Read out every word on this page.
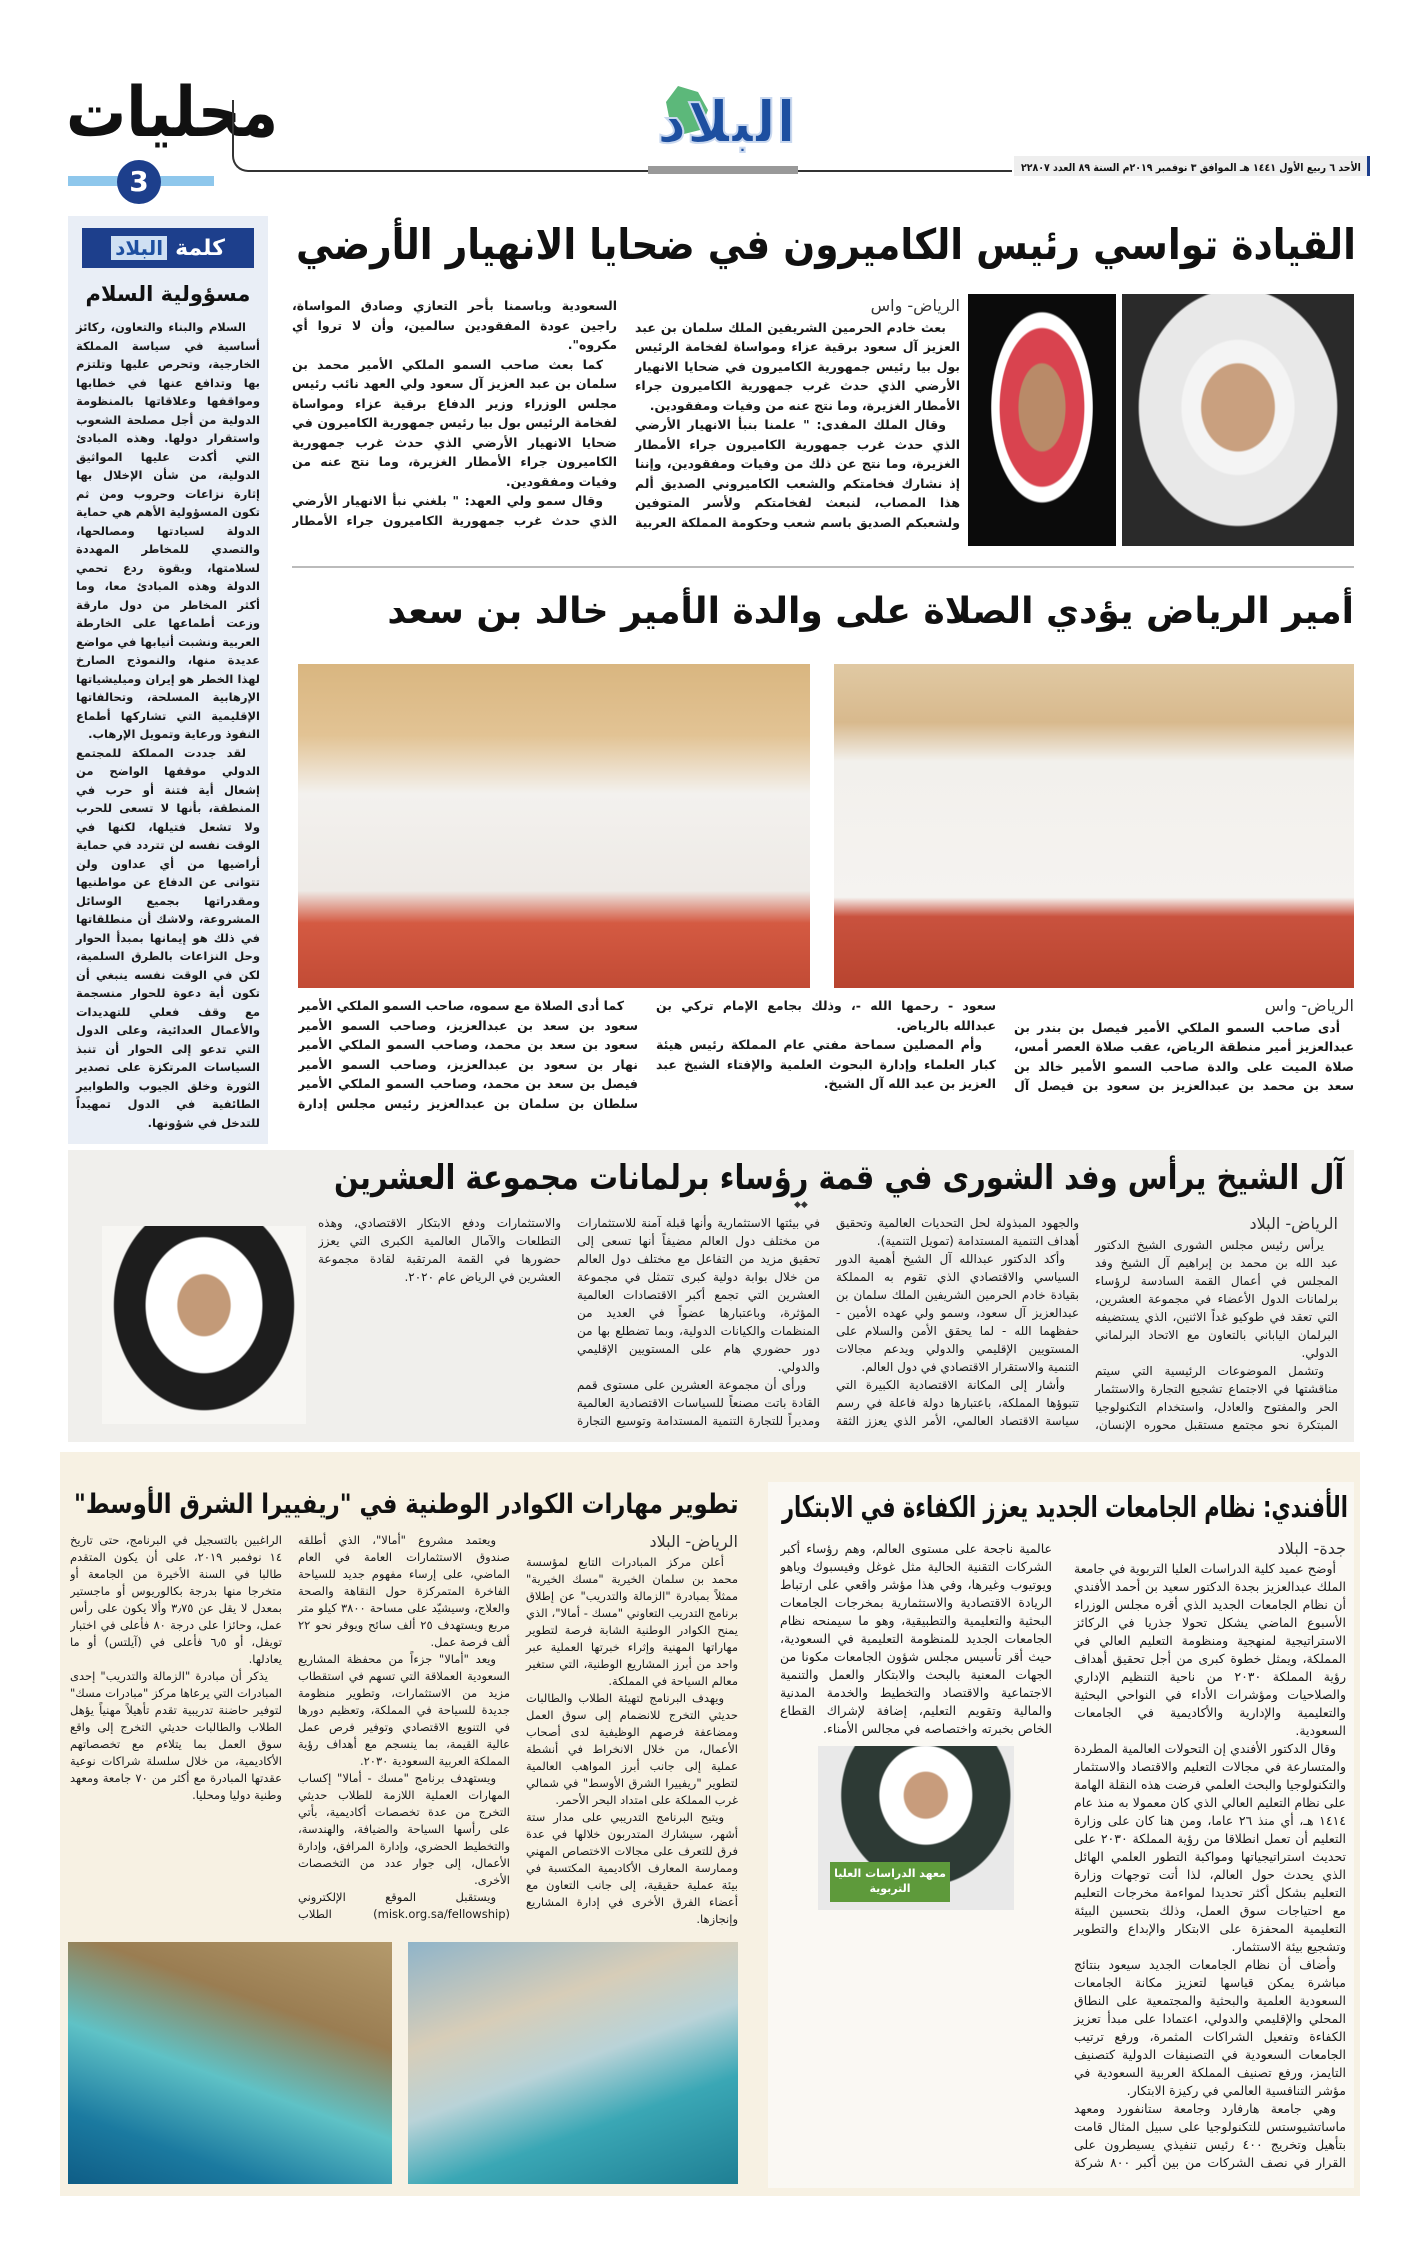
محليات
3
البلاد
الأحد ٦ ربيع الأول ١٤٤١ هـ الموافق ٣ نوفمبر ٢٠١٩م السنة ٨٩ العدد ٢٢٨٠٧
كلمة
البلاد
مسؤولية السلام

السلام والبناء والتعاون، ركائز أساسية في سياسة المملكة الخارجية، وتحرص عليها وتلتزم بها وتدافع عنها في خطابها ومواقفها وعلاقاتها بالمنظومة الدولية من أجل مصلحة الشعوب واستقرار دولها. وهذه المبادئ التي أكدت عليها المواثيق الدولية، من شأن الإخلال بها إثارة نزاعات وحروب ومن ثم تكون المسؤولية الأهم هي حماية الدولة لسيادتها ومصالحها، والتصدي للمخاطر المهددة لسلامتها، وبقوة ردع تحمي الدولة وهذه المبادئ معا، وما أكثر المخاطر من دول مارقة وزعت أطماعها على الخارطة العربية ونشبت أنيابها في مواضع عديدة منها، والنموذج الصارخ لهذا الخطر هو إيران وميليشياتها الإرهابية المسلحة، وتحالفاتها الإقليمية التي تشاركها أطماع النفوذ ورعاية وتمويل الإرهاب.

لقد جددت المملكة للمجتمع الدولي موقفها الواضح من إشعال أية فتنة أو حرب في المنطقة، بأنها لا تسعى للحرب ولا تشعل فتيلها، لكنها في الوقت نفسه لن تتردد في حماية أراضيها من أي عداون ولن تتوانى عن الدفاع عن مواطنيها ومقدراتها بجميع الوسائل المشروعة، ولاشك أن منطلقاتها في ذلك هو إيمانها بمبدأ الحوار وحل النزاعات بالطرق السلمية، لكن في الوقت نفسه ينبغي أن تكون أية دعوة للحوار منسجمة مع وقف فعلي للتهديدات والأعمال العدائية، وعلى الدول التي تدعو إلى الحوار أن تنبذ السياسات المرتكزة على تصدير الثورة وخلق الجيوب والطوابير الطائفية في الدول تمهيداً للتدخل في شؤونها.

القيادة تواسي رئيس الكاميرون في ضحايا الانهيار الأرضي
الرياض- واس

بعث خادم الحرمين الشريفين الملك سلمان بن عبد العزيز آل سعود برقية عزاء ومواساة لفخامة الرئيس بول بيا رئيس جمهورية الكاميرون في ضحايا الانهيار الأرضي الذي حدث غرب جمهورية الكاميرون جراء الأمطار الغزيرة، وما نتج عنه من وفيات ومفقودين.

وقال الملك المفدى: " علمنا بنبأ الانهيار الأرضي الذي حدث غرب جمهورية الكاميرون جراء الأمطار الغزيرة، وما نتج عن ذلك من وفيات ومفقودين، وإننا إذ نشارك فخامتكم والشعب الكاميروني الصديق ألم هذا المصاب، لنبعث لفخامتكم ولأسر المتوفين ولشعبكم الصديق باسم شعب وحكومة المملكة العربية السعودية وباسمنا بأحر التعازي وصادق المواساة، راجين عودة المفقودين سالمين، وأن لا تروا أي مكروه".

كما بعث صاحب السمو الملكي الأمير محمد بن سلمان بن عبد العزيز آل سعود ولي العهد نائب رئيس مجلس الوزراء وزير الدفاع برقية عزاء ومواساة لفخامة الرئيس بول بيا رئيس جمهورية الكاميرون في ضحايا الانهيار الأرضي الذي حدث غرب جمهورية الكاميرون جراء الأمطار الغزيرة، وما نتج عنه من وفيات ومفقودين.

وقال سمو ولي العهد: " بلغني نبأ الانهيار الأرضي الذي حدث غرب جمهورية الكاميرون جراء الأمطار

أمير الرياض يؤدي الصلاة على والدة الأمير خالد بن سعد
الرياض- واس

أدى صاحب السمو الملكي الأمير فيصل بن بندر بن عبدالعزيز أمير منطقة الرياض، عقب صلاة العصر أمس، صلاة الميت على والدة صاحب السمو الأمير خالد بن سعد بن محمد بن عبدالعزيز بن سعود بن فيصل آل سعود - رحمها الله -، وذلك بجامع الإمام تركي بن عبدالله بالرياض.

وأم المصلين سماحة مفتي عام المملكة رئيس هيئة كبار العلماء وإدارة البحوث العلمية والإفتاء الشيخ عبد العزيز بن عبد الله آل الشيخ.

كما أدى الصلاة مع سموه، صاحب السمو الملكي الأمير سعود بن سعد بن عبدالعزيز، وصاحب السمو الأمير سعود بن سعد بن محمد، وصاحب السمو الملكي الأمير نهار بن سعود بن عبدالعزيز، وصاحب السمو الأمير فيصل بن سعد بن محمد، وصاحب السمو الملكي الأمير سلطان بن سلمان بن عبدالعزيز رئيس مجلس إدارة

آل الشيخ يرأس وفد الشورى في قمة رؤساء برلمانات مجموعة العشرين
◆◆
الرياض- البلاد

يرأس رئيس مجلس الشورى الشيخ الدكتور عبد الله بن محمد بن إبراهيم آل الشيخ وفد المجلس في أعمال القمة السادسة لرؤساء برلمانات الدول الأعضاء في مجموعة العشرين، التي تعقد في طوكيو غداً الاثنين، الذي يستضيفه البرلمان الياباني بالتعاون مع الاتحاد البرلماني الدولي.

وتشمل الموضوعات الرئيسية التي سيتم مناقشتها في الاجتماع تشجيع التجارة والاستثمار الحر والمفتوح والعادل، واستخدام التكنولوجيا المبتكرة نحو مجتمع مستقبل محوره الإنسان، والجهود المبذولة لحل التحديات العالمية وتحقيق أهداف التنمية المستدامة (تمويل التنمية).

وأكد الدكتور عبدالله آل الشيخ أهمية الدور السياسي والاقتصادي الذي تقوم به المملكة بقيادة خادم الحرمين الشريفين الملك سلمان بن عبدالعزيز آل سعود، وسمو ولي عهده الأمين - حفظهما الله - لما يحقق الأمن والسلام على المستويين الإقليمي والدولي ويدعم مجالات التنمية والاستقرار الاقتصادي في دول العالم.

وأشار إلى المكانة الاقتصادية الكبيرة التي تتبوؤها المملكة، باعتبارها دولة فاعلة في رسم سياسة الاقتصاد العالمي، الأمر الذي يعزز الثقة في بيئتها الاستثمارية وأنها قبلة آمنة للاستثمارات من مختلف دول العالم مضيفاً أنها تسعى إلى تحقيق مزيد من التفاعل مع مختلف دول العالم من خلال بوابة دولية كبرى تتمثل في مجموعة العشرين التي تجمع أكبر الاقتصادات العالمية المؤثرة، وباعتبارها عضواً في العديد من المنظمات والكيانات الدولية، وبما تضطلع بها من دور حضوري هام على المستويين الإقليمي والدولي.

ورأى أن مجموعة العشرين على مستوى قمم القادة باتت مصنعاً للسياسات الاقتصادية العالمية ومديراً للتجارة التنمية المستدامة وتوسيع التجارة والاستثمارات ودفع الابتكار الاقتصادي، وهذه التطلعات والآمال العالمية الكبرى التي يعزز حضورها في القمة المرتقبة لقادة مجموعة العشرين في الرياض عام ٢٠٢٠.

الأفندي: نظام الجامعات الجديد يعزز الكفاءة في الابتكار
جدة- البلاد

أوضح عميد كلية الدراسات العليا التربوية في جامعة الملك عبدالعزيز بجدة الدكتور سعيد بن أحمد الأفندي أن نظام الجامعات الجديد الذي أقره مجلس الوزراء الأسبوع الماضي يشكل تحولا جذريا في الركائز الاستراتيجية لمنهجية ومنظومة التعليم العالي في المملكة، ويمثل خطوة كبرى من أجل تحقيق أهداف رؤية المملكة ٢٠٣٠ من ناحية التنظيم الإداري والصلاحيات ومؤشرات الأداء في النواحي البحثية والتعليمية والإدارية والأكاديمية في الجامعات السعودية.

وقال الدكتور الأفندي إن التحولات العالمية المطردة والمتسارعة في مجالات التعليم والاقتصاد والاستثمار والتكنولوجيا والبحث العلمي فرضت هذه النقلة الهامة على نظام التعليم العالي الذي كان معمولا به منذ عام ١٤١٤ هـ، أي منذ ٢٦ عاما، ومن هنا كان على وزارة التعليم أن تعمل انطلاقا من رؤية المملكة ٢٠٣٠ على تحديث استراتيجياتها ومواكبة التطور العلمي الهائل الذي يحدث حول العالم، لذا أتت توجهات وزارة التعليم بشكل أكثر تحديدا لمواءمة مخرجات التعليم مع احتياجات سوق العمل، وذلك بتحسين البيئة التعليمية المحفزة على الابتكار والإبداع والتطوير وتشجيع بيئة الاستثمار.

وأضاف أن نظام الجامعات الجديد سيعود بنتائج مباشرة يمكن قياسها لتعزيز مكانة الجامعات السعودية العلمية والبحثية والمجتمعية على النطاق المحلي والإقليمي والدولي، اعتمادا على مبدأ تعزيز الكفاءة وتفعيل الشراكات المثمرة، ورفع ترتيب الجامعات السعودية في التصنيفات الدولية كتصنيف التايمز، ورفع تصنيف المملكة العربية السعودية في مؤشر التنافسية العالمي في ركيزة الابتكار.

وهي جامعة هارفارد وجامعة ستانفورد ومعهد ماساتشيوستس للتكنولوجيا على سبيل المثال قامت بتأهيل وتخريج ٤٠٠ رئيس تنفيذي يسيطرون على القرار في نصف الشركات من بين أكبر ٨٠٠ شركة عالمية ناجحة على مستوى العالم، وهم رؤساء أكبر الشركات التقنية الحالية مثل غوغل وفيسبوك وياهو ويوتيوب وغيرها، وفي هذا مؤشر واقعي على ارتباط الريادة الاقتصادية والاستثمارية بمخرجات الجامعات البحثية والتعليمية والتطبيقية، وهو ما سيمنحه نظام الجامعات الجديد للمنظومة التعليمية في السعودية، حيث أقر تأسيس مجلس شؤون الجامعات مكونا من الجهات المعنية بالبحث والابتكار والعمل والتنمية الاجتماعية والاقتصاد والتخطيط والخدمة المدنية والمالية وتقويم التعليم، إضافة لإشراك القطاع الخاص بخبرته واختصاصه في مجالس الأمناء.

معهد الدراسات العليا التربوية
تطوير مهارات الكوادر الوطنية في "ريفييرا الشرق الأوسط"
الرياض- البلاد

أعلن مركز المبادرات التابع لمؤسسة محمد بن سلمان الخيرية "مسك الخيرية" ممثلاً بمبادرة "الزمالة والتدريب" عن إطلاق برنامج التدريب التعاوني "مسك - أمالا"، الذي يمنح الكوادر الوطنية الشابة فرصة لتطوير مهاراتها المهنية وإثراء خبرتها العملية عبر واحد من أبرز المشاريع الوطنية، التي ستغير معالم السياحة في المملكة.

ويهدف البرنامج لتهيئة الطلاب والطالبات حديثي التخرج للانضمام إلى سوق العمل ومضاعفة فرصهم الوظيفية لدى أصحاب الأعمال، من خلال الانخراط في أنشطة عملية إلى جانب أبرز المواهب العالمية لتطوير "ريفييرا الشرق الأوسط" في شمالي غرب المملكة على امتداد البحر الأحمر.

ويتيح البرنامج التدريبي على مدار ستة أشهر، سيشارك المتدربون خلالها في عدة فرق للتعرف على مجالات الاختصاص المهني وممارسة المعارف الأكاديمية المكتسبة في بيئة عملية حقيقية، إلى جانب التعاون مع أعضاء الفرق الأخرى في إدارة المشاريع وإنجازها.

ويعتمد مشروع "أمالا"، الذي أطلقه صندوق الاستثمارات العامة في العام الماضي، على إرساء مفهوم جديد للسياحة الفاخرة المتمركزة حول النقاهة والصحة والعلاج، وسيشيّد على مساحة ٣٨٠٠ كيلو متر مربع ويستهدف ٢٥ ألف سائح ويوفر نحو ٢٢ ألف فرصة عمل.

ويعد "أمالا" جزءاً من محفظة المشاريع السعودية العملاقة التي تسهم في استقطاب مزيد من الاستثمارات، وتطوير منظومة جديدة للسياحة في المملكة، وتعظيم دورها في التنويع الاقتصادي وتوفير فرص عمل عالية القيمة، بما ينسجم مع أهداف رؤية المملكة العربية السعودية ٢٠٣٠.

ويستهدف برنامج "مسك - أمالا" إكساب المهارات العملية اللازمة للطلاب حديثي التخرج من عدة تخصصات أكاديمية، بأتي على رأسها السياحة والضيافة، والهندسة، والتخطيط الحضري، وإدارة المرافق، وإدارة الأعمال، إلى جوار عدد من التخصصات الأخرى.

ويستقبل الموقع الإلكتروني (misk.org.sa/fellowship) الطلاب الراغبين بالتسجيل في البرنامج، حتى تاريخ ١٤ نوفمبر ٢٠١٩، على أن يكون المتقدم طالبا في السنة الأخيرة من الجامعة أو متخرجا منها بدرجة بكالوريوس أو ماجستير بمعدل لا يقل عن ٣٫٧٥ وألا يكون على رأس عمل، وحائزا على درجة ٨٠ فأعلى في اختبار تويفل، أو ٦٫٥ فأعلى في (آيلتس) أو ما يعادلها.

يذكر أن مبادرة "الزمالة والتدريب" إحدى المبادرات التي يرعاها مركز "مبادرات مسك" لتوفير حاضنة تدريبية تقدم تأهيلاً مهنياً يؤهل الطلاب والطالبات حديثي التخرج إلى واقع سوق العمل بما يتلاءم مع تخصصاتهم الأكاديمية، من خلال سلسلة شراكات نوعية عقدتها المبادرة مع أكثر من ٧٠ جامعة ومعهد وطنية دوليا ومحليا.
